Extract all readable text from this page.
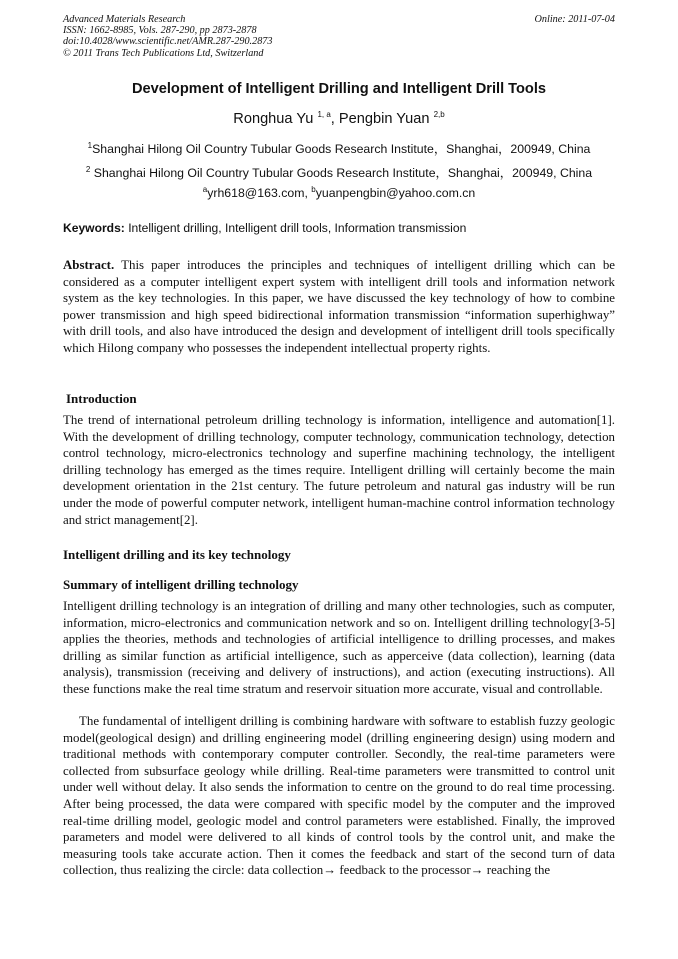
Advanced Materials Research
ISSN: 1662-8985, Vols. 287-290, pp 2873-2878
doi:10.4028/www.scientific.net/AMR.287-290.2873
© 2011 Trans Tech Publications Ltd, Switzerland
Online: 2011-07-04
Development of Intelligent Drilling and Intelligent Drill Tools
Ronghua Yu $^{1, a}$, Pengbin Yuan $^{2,b}$
$^1$Shanghai Hilong Oil Country Tubular Goods Research Institute，Shanghai，200949, China
$^2$ Shanghai Hilong Oil Country Tubular Goods Research Institute，Shanghai，200949, China
$^a$yrh618@163.com, $^b$yuanpengbin@yahoo.com.cn
Keywords: Intelligent drilling, Intelligent drill tools, Information transmission

Abstract. This paper introduces the principles and techniques of intelligent drilling which can be considered as a computer intelligent expert system with intelligent drill tools and information network system as the key technologies. In this paper, we have discussed the key technology of how to combine power transmission and high speed bidirectional information transmission “information superhighway” with drill tools, and also have introduced the design and development of intelligent drill tools specifically which Hilong company who possesses the independent intellectual property rights.

Introduction

The trend of international petroleum drilling technology is information, intelligence and automation[1]. With the development of drilling technology, computer technology, communication technology, detection control technology, micro-electronics technology and superfine machining technology, the intelligent drilling technology has emerged as the times require. Intelligent drilling will certainly become the main development orientation in the 21st century. The future petroleum and natural gas industry will be run under the mode of powerful computer network, intelligent human-machine control information technology and strict management[2].

Intelligent drilling and its key technology
Summary of intelligent drilling technology

Intelligent drilling technology is an integration of drilling and many other technologies, such as computer, information, micro-electronics and communication network and so on. Intelligent drilling technology[3-5] applies the theories, methods and technologies of artificial intelligence to drilling processes, and makes drilling as similar function as artificial intelligence, such as apperceive (data collection), learning (data analysis), transmission (receiving and delivery of instructions), and action (executing instructions). All these functions make the real time stratum and reservoir situation more accurate, visual and controllable.

The fundamental of intelligent drilling is combining hardware with software to establish fuzzy geologic model(geological design) and drilling engineering model (drilling engineering design) using modern and traditional methods with contemporary computer controller. Secondly, the real-time parameters were collected from subsurface geology while drilling. Real-time parameters were transmitted to control unit under well without delay. It also sends the information to centre on the ground to do real time processing. After being processed, the data were compared with specific model by the computer and the improved real-time drilling model, geologic model and control parameters were established. Finally, the improved parameters and model were delivered to all kinds of control tools by the control unit, and make the measuring tools take accurate action. Then it comes the feedback and start of the second turn of data collection, thus realizing the circle: data collection→ feedback to the processor→ reaching the
